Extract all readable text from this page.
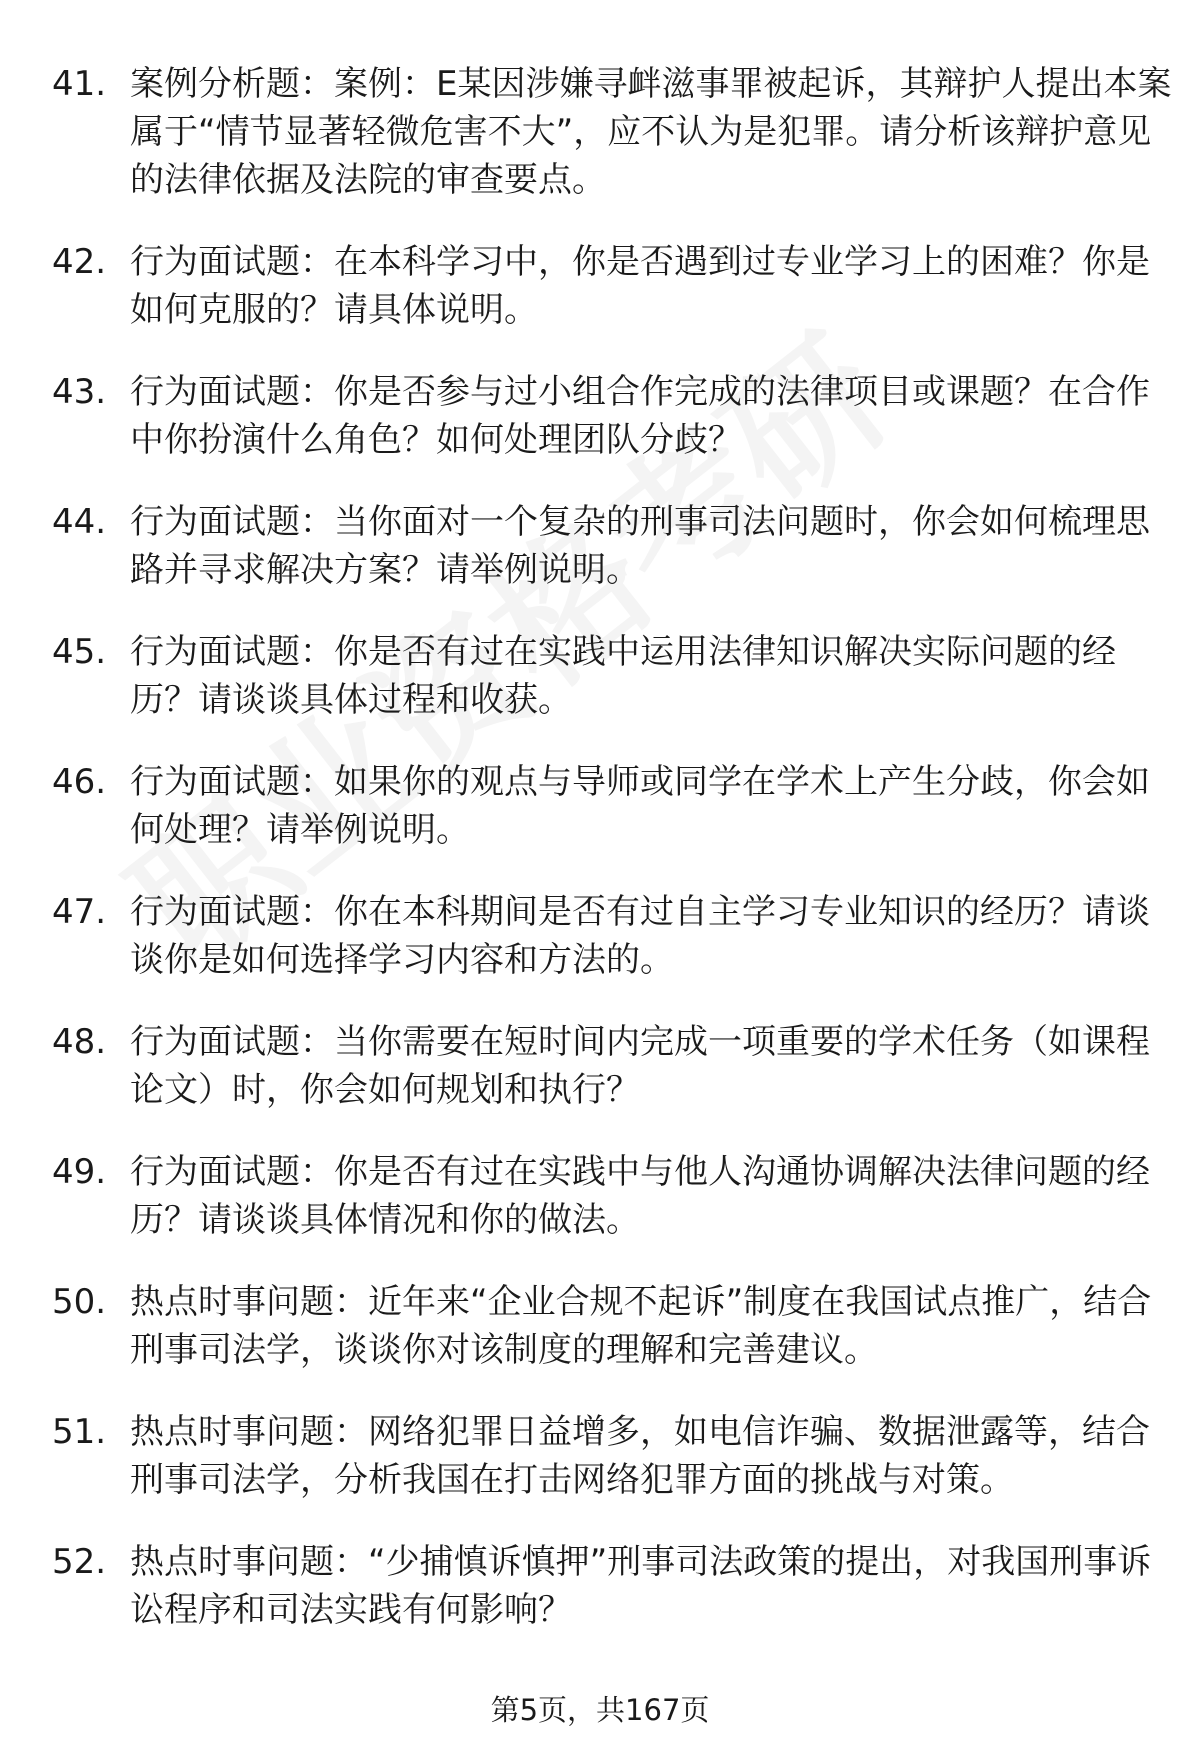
41. 案例分析题：案例：E某因涉嫌寻衅滋事罪被起诉，其辩护人提出本案属于“情节显著轻微危害不大”，应不认为是犯罪。请分析该辩护意见的法律依据及法院的审查要点。
42. 行为面试题：在本科学习中，你是否遇到过专业学习上的困难？你是如何克服的？请具体说明。
43. 行为面试题：你是否参与过小组合作完成的法律项目或课题？在合作中你扮演什么角色？如何处理团队分歧？
44. 行为面试题：当你面对一个复杂的刑事司法问题时，你会如何梳理思路并寻求解决方案？请举例说明。
45. 行为面试题：你是否有过在实践中运用法律知识解决实际问题的经历？请谈谈具体过程和收获。
46. 行为面试题：如果你的观点与导师或同学在学术上产生分歧，你会如何处理？请举例说明。
47. 行为面试题：你在本科期间是否有过自主学习专业知识的经历？请谈谈你是如何选择学习内容和方法的。
48. 行为面试题：当你需要在短时间内完成一项重要的学术任务（如课程论文）时，你会如何规划和执行？
49. 行为面试题：你是否有过在实践中与他人沟通协调解决法律问题的经历？请谈谈具体情况和你的做法。
50. 热点时事问题：近年来“企业合规不起诉”制度在我国试点推广，结合刑事司法学，谈谈你对该制度的理解和完善建议。
51. 热点时事问题：网络犯罪日益增多，如电信诈骗、数据泄露等，结合刑事司法学，分析我国在打击网络犯罪方面的挑战与对策。
52. 热点时事问题：“少捕慎诉慎押”刑事司法政策的提出，对我国刑事诉讼程序和司法实践有何影响？
第5页，共167页
